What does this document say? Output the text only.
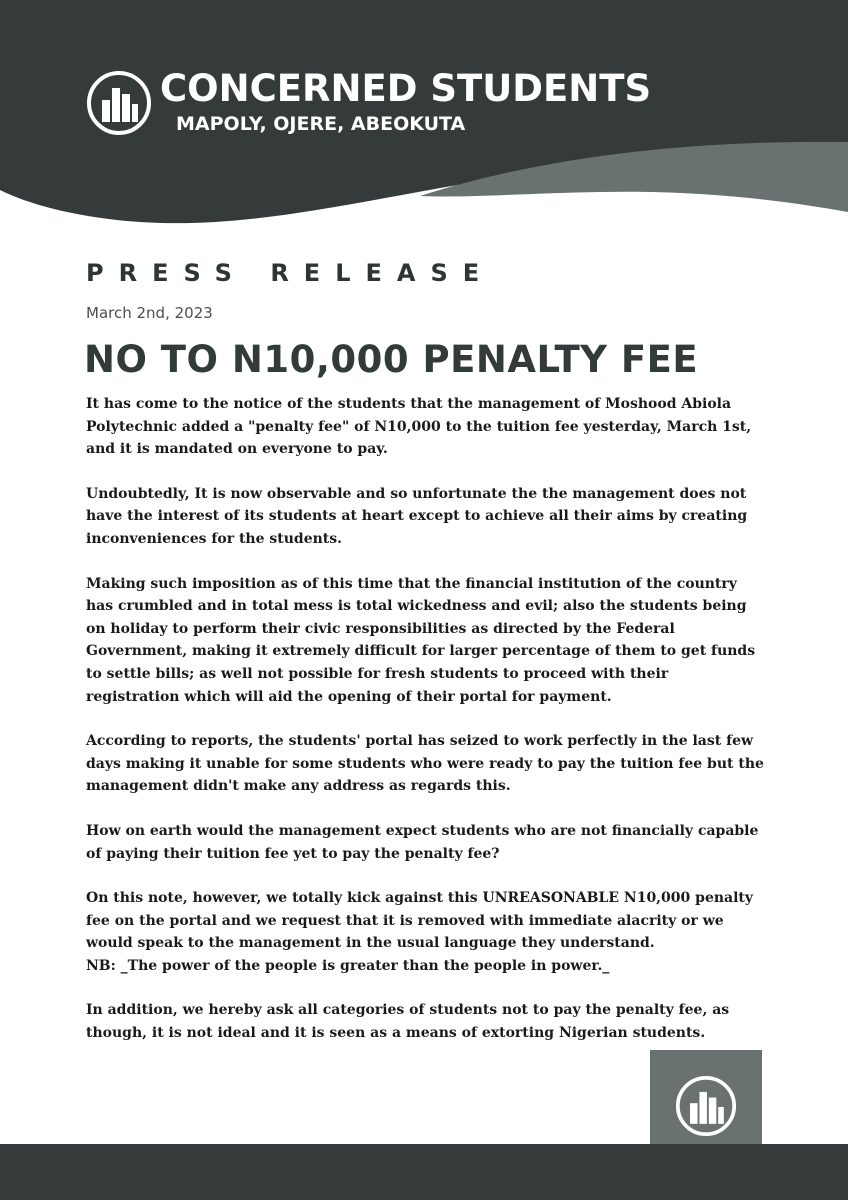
CONCERNED STUDENTS
MAPOLY, OJERE, ABEOKUTA
PRESS RELEASE
March 2nd, 2023
NO TO N10,000 PENALTY FEE

It has come to the notice of the students that the management of Moshood Abiola Polytechnic added a "penalty fee" of N10,000 to the tuition fee yesterday, March 1st, and it is mandated on everyone to pay.

Undoubtedly, It is now observable and so unfortunate the the management does not have the interest of its students at heart except to achieve all their aims by creating inconveniences for the students.

Making such imposition as of this time that the financial institution of the country has crumbled and in total mess is total wickedness and evil; also the students being on holiday to perform their civic responsibilities as directed by the Federal Government, making it extremely difficult for larger percentage of them to get funds to settle bills; as well not possible for fresh students to proceed with their registration which will aid the opening of their portal for payment.

According to reports, the students' portal has seized to work perfectly in the last few days making it unable for some students who were ready to pay the tuition fee but the management didn't make any address as regards this.

How on earth would the management expect students who are not financially capable of paying their tuition fee yet to pay the penalty fee?

On this note, however, we totally kick against this UNREASONABLE N10,000 penalty fee on the portal and we request that it is removed with immediate alacrity or we would speak to the management in the usual language they understand.

NB: _The power of the people is greater than the people in power._

In addition, we hereby ask all categories of students not to pay the penalty fee, as though, it is not ideal and it is seen as a means of extorting Nigerian students.
